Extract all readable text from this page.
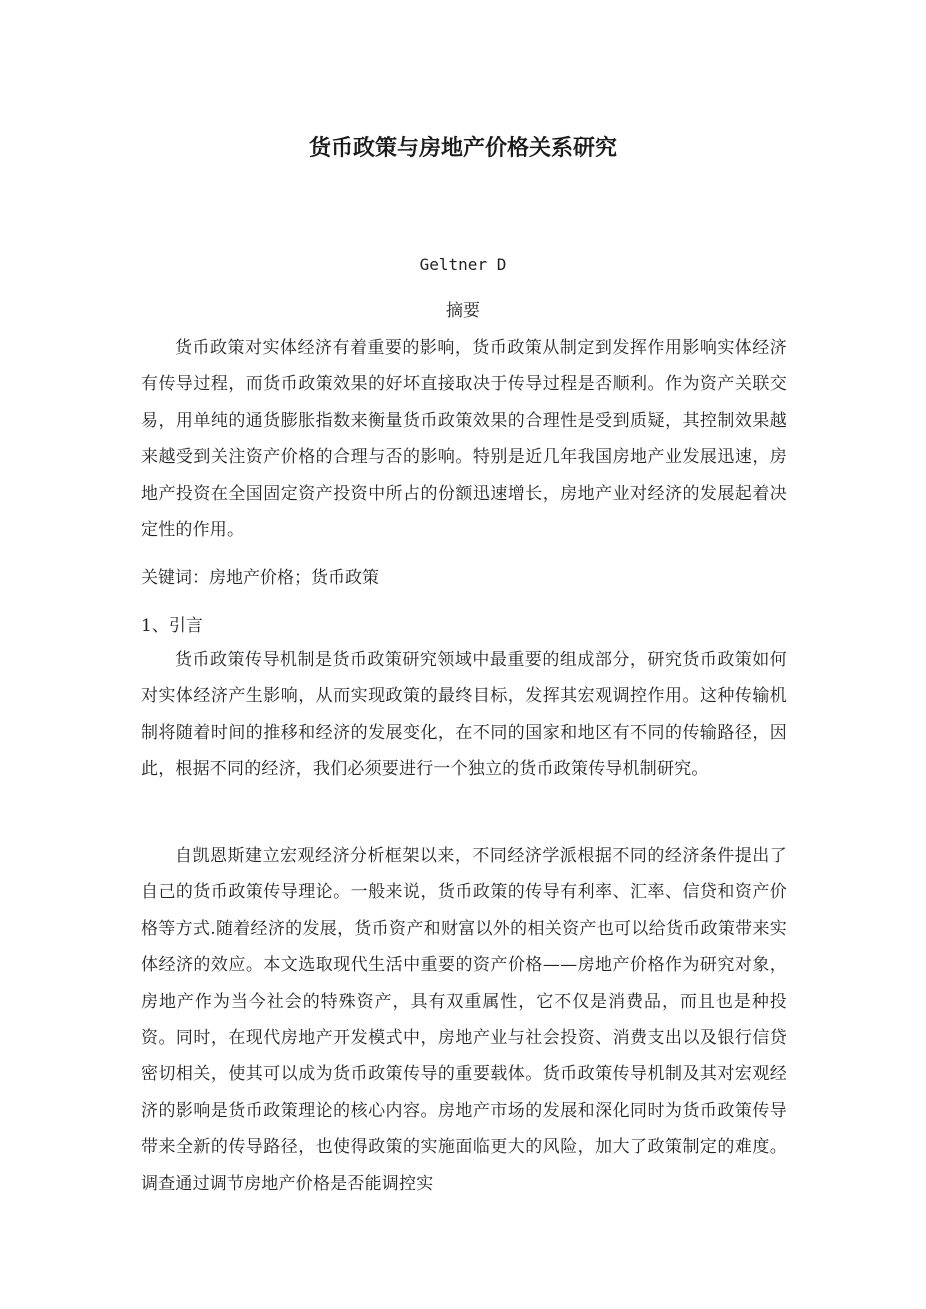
货币政策与房地产价格关系研究
Geltner D
摘要

货币政策对实体经济有着重要的影响，货币政策从制定到发挥作用影响实体经济有传导过程，而货币政策效果的好坏直接取决于传导过程是否顺利。作为资产关联交易，用单纯的通货膨胀指数来衡量货币政策效果的合理性是受到质疑，其控制效果越来越受到关注资产价格的合理与否的影响。特别是近几年我国房地产业发展迅速，房地产投资在全国固定资产投资中所占的份额迅速增长，房地产业对经济的发展起着决定性的作用。

关键词：房地产价格；货币政策
1、引言

货币政策传导机制是货币政策研究领域中最重要的组成部分，研究货币政策如何对实体经济产生影响，从而实现政策的最终目标，发挥其宏观调控作用。这种传输机制将随着时间的推移和经济的发展变化，在不同的国家和地区有不同的传输路径，因此，根据不同的经济，我们必须要进行一个独立的货币政策传导机制研究。

自凯恩斯建立宏观经济分析框架以来，不同经济学派根据不同的经济条件提出了自己的货币政策传导理论。一般来说，货币政策的传导有利率、汇率、信贷和资产价格等方式.随着经济的发展，货币资产和财富以外的相关资产也可以给货币政策带来实体经济的效应。本文选取现代生活中重要的资产价格——房地产价格作为研究对象，房地产作为当今社会的特殊资产，具有双重属性，它不仅是消费品，而且也是种投资。同时，在现代房地产开发模式中，房地产业与社会投资、消费支出以及银行信贷密切相关，使其可以成为货币政策传导的重要载体。货币政策传导机制及其对宏观经济的影响是货币政策理论的核心内容。房地产市场的发展和深化同时为货币政策传导带来全新的传导路径，也使得政策的实施面临更大的风险，加大了政策制定的难度。调查通过调节房地产价格是否能调控实
